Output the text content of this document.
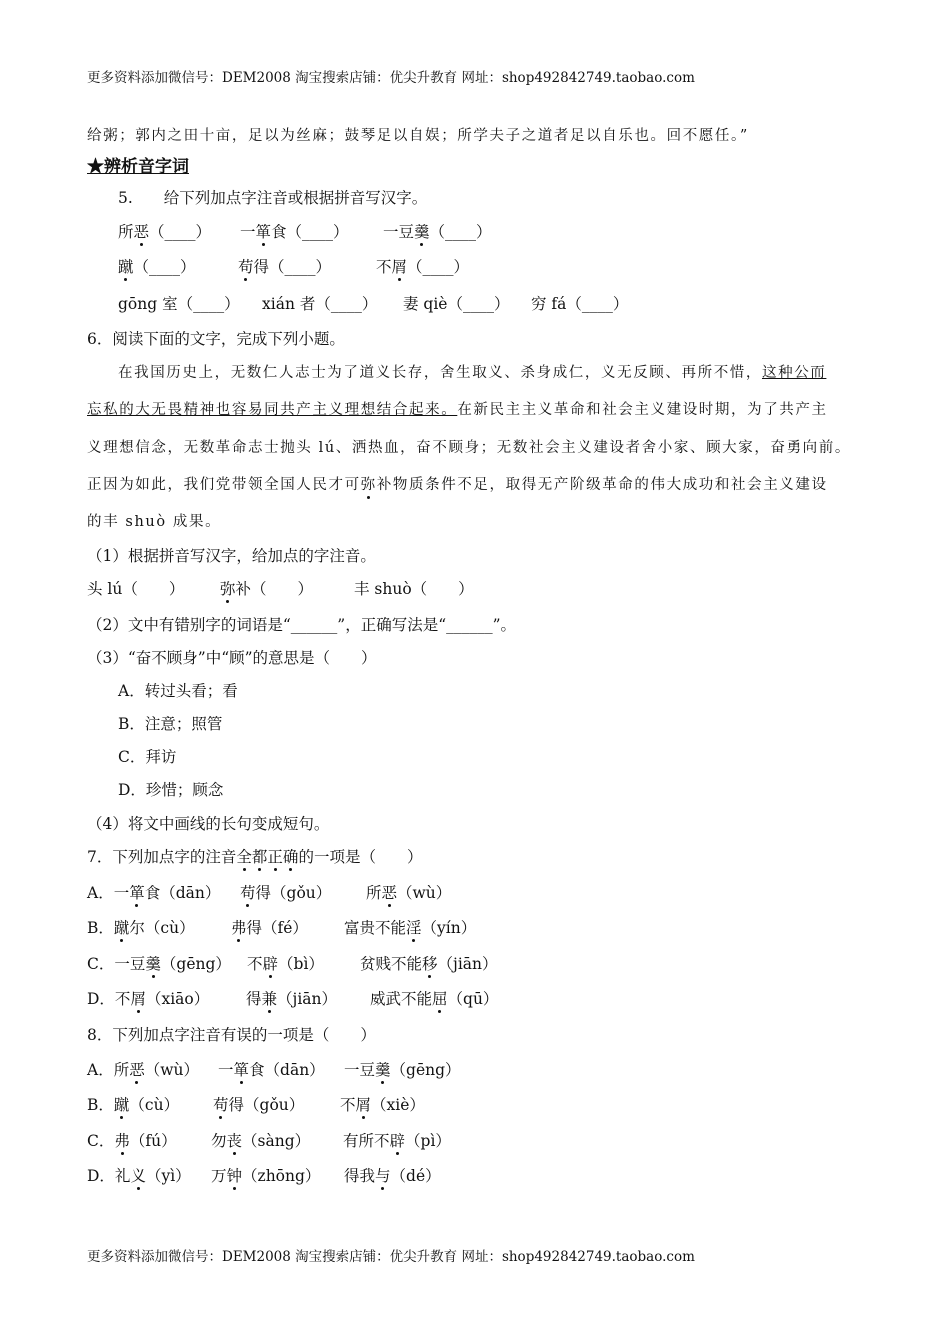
更多资料添加微信号：DEM2008 淘宝搜索店铺：优尖升教育 网址：shop492842749.taobao.com
更多资料添加微信号：DEM2008 淘宝搜索店铺：优尖升教育 网址：shop492842749.taobao.com
给粥；郭内之田十亩，足以为丝麻；鼓琴足以自娱；所学夫子之道者足以自乐也。回不愿任。”
★辨析音字词
5.　　给下列加点字注音或根据拼音写汉字。
所恶（____） 一箪食（____） 一豆羹（____）
蹴（____）	苟得（____）	不屑（____）
gōng 室（____） xián 者（____） 妻 qiè（____） 穷 fá（____）
6．阅读下面的文字，完成下列小题。
在我国历史上，无数仁人志士为了道义长存，舍生取义、杀身成仁，义无反顾、再所不惜，这种公而
忘私的大无畏精神也容易同共产主义理想结合起来。在新民主主义革命和社会主义建设时期，为了共产主
义理想信念，无数革命志士抛头 lú、洒热血，奋不顾身；无数社会主义建设者舍小家、顾大家，奋勇向前。
正因为如此，我们党带领全国人民才可弥补物质条件不足，取得无产阶级革命的伟大成功和社会主义建设
的丰 shuò 成果。
（1）根据拼音写汉字，给加点的字注音。
头 lú（　　） 弥补（　　）	丰 shuò（　　）
（2）文中有错别字的词语是“______”，正确写法是“______”。
（3）“奋不顾身”中“顾”的意思是（　　）
A．转过头看；看
B．注意；照管
C．拜访
D．珍惜；顾念
（4）将文中画线的长句变成短句。
7．下列加点字的注音全都正确的一项是（　　）
A．一箪食（dān） 苟得（gǒu） 所恶（wù）
B．蹴尔（cù） 弗得（fé） 富贵不能淫（yín）
C．一豆羹（gēng） 不辟（bì） 贫贱不能移（jiān）
D．不屑（xiāo） 得兼（jiān） 威武不能屈（qū）
8．下列加点字注音有误的一项是（　　）
A．所恶（wù） 一箪食（dān） 一豆羹（gēng）
B．蹴（cù） 苟得（gǒu） 不屑（xiè）
C．弗（fú） 勿丧（sàng） 有所不辟（pì）
D．礼义（yì） 万钟（zhōng） 得我与（dé）
